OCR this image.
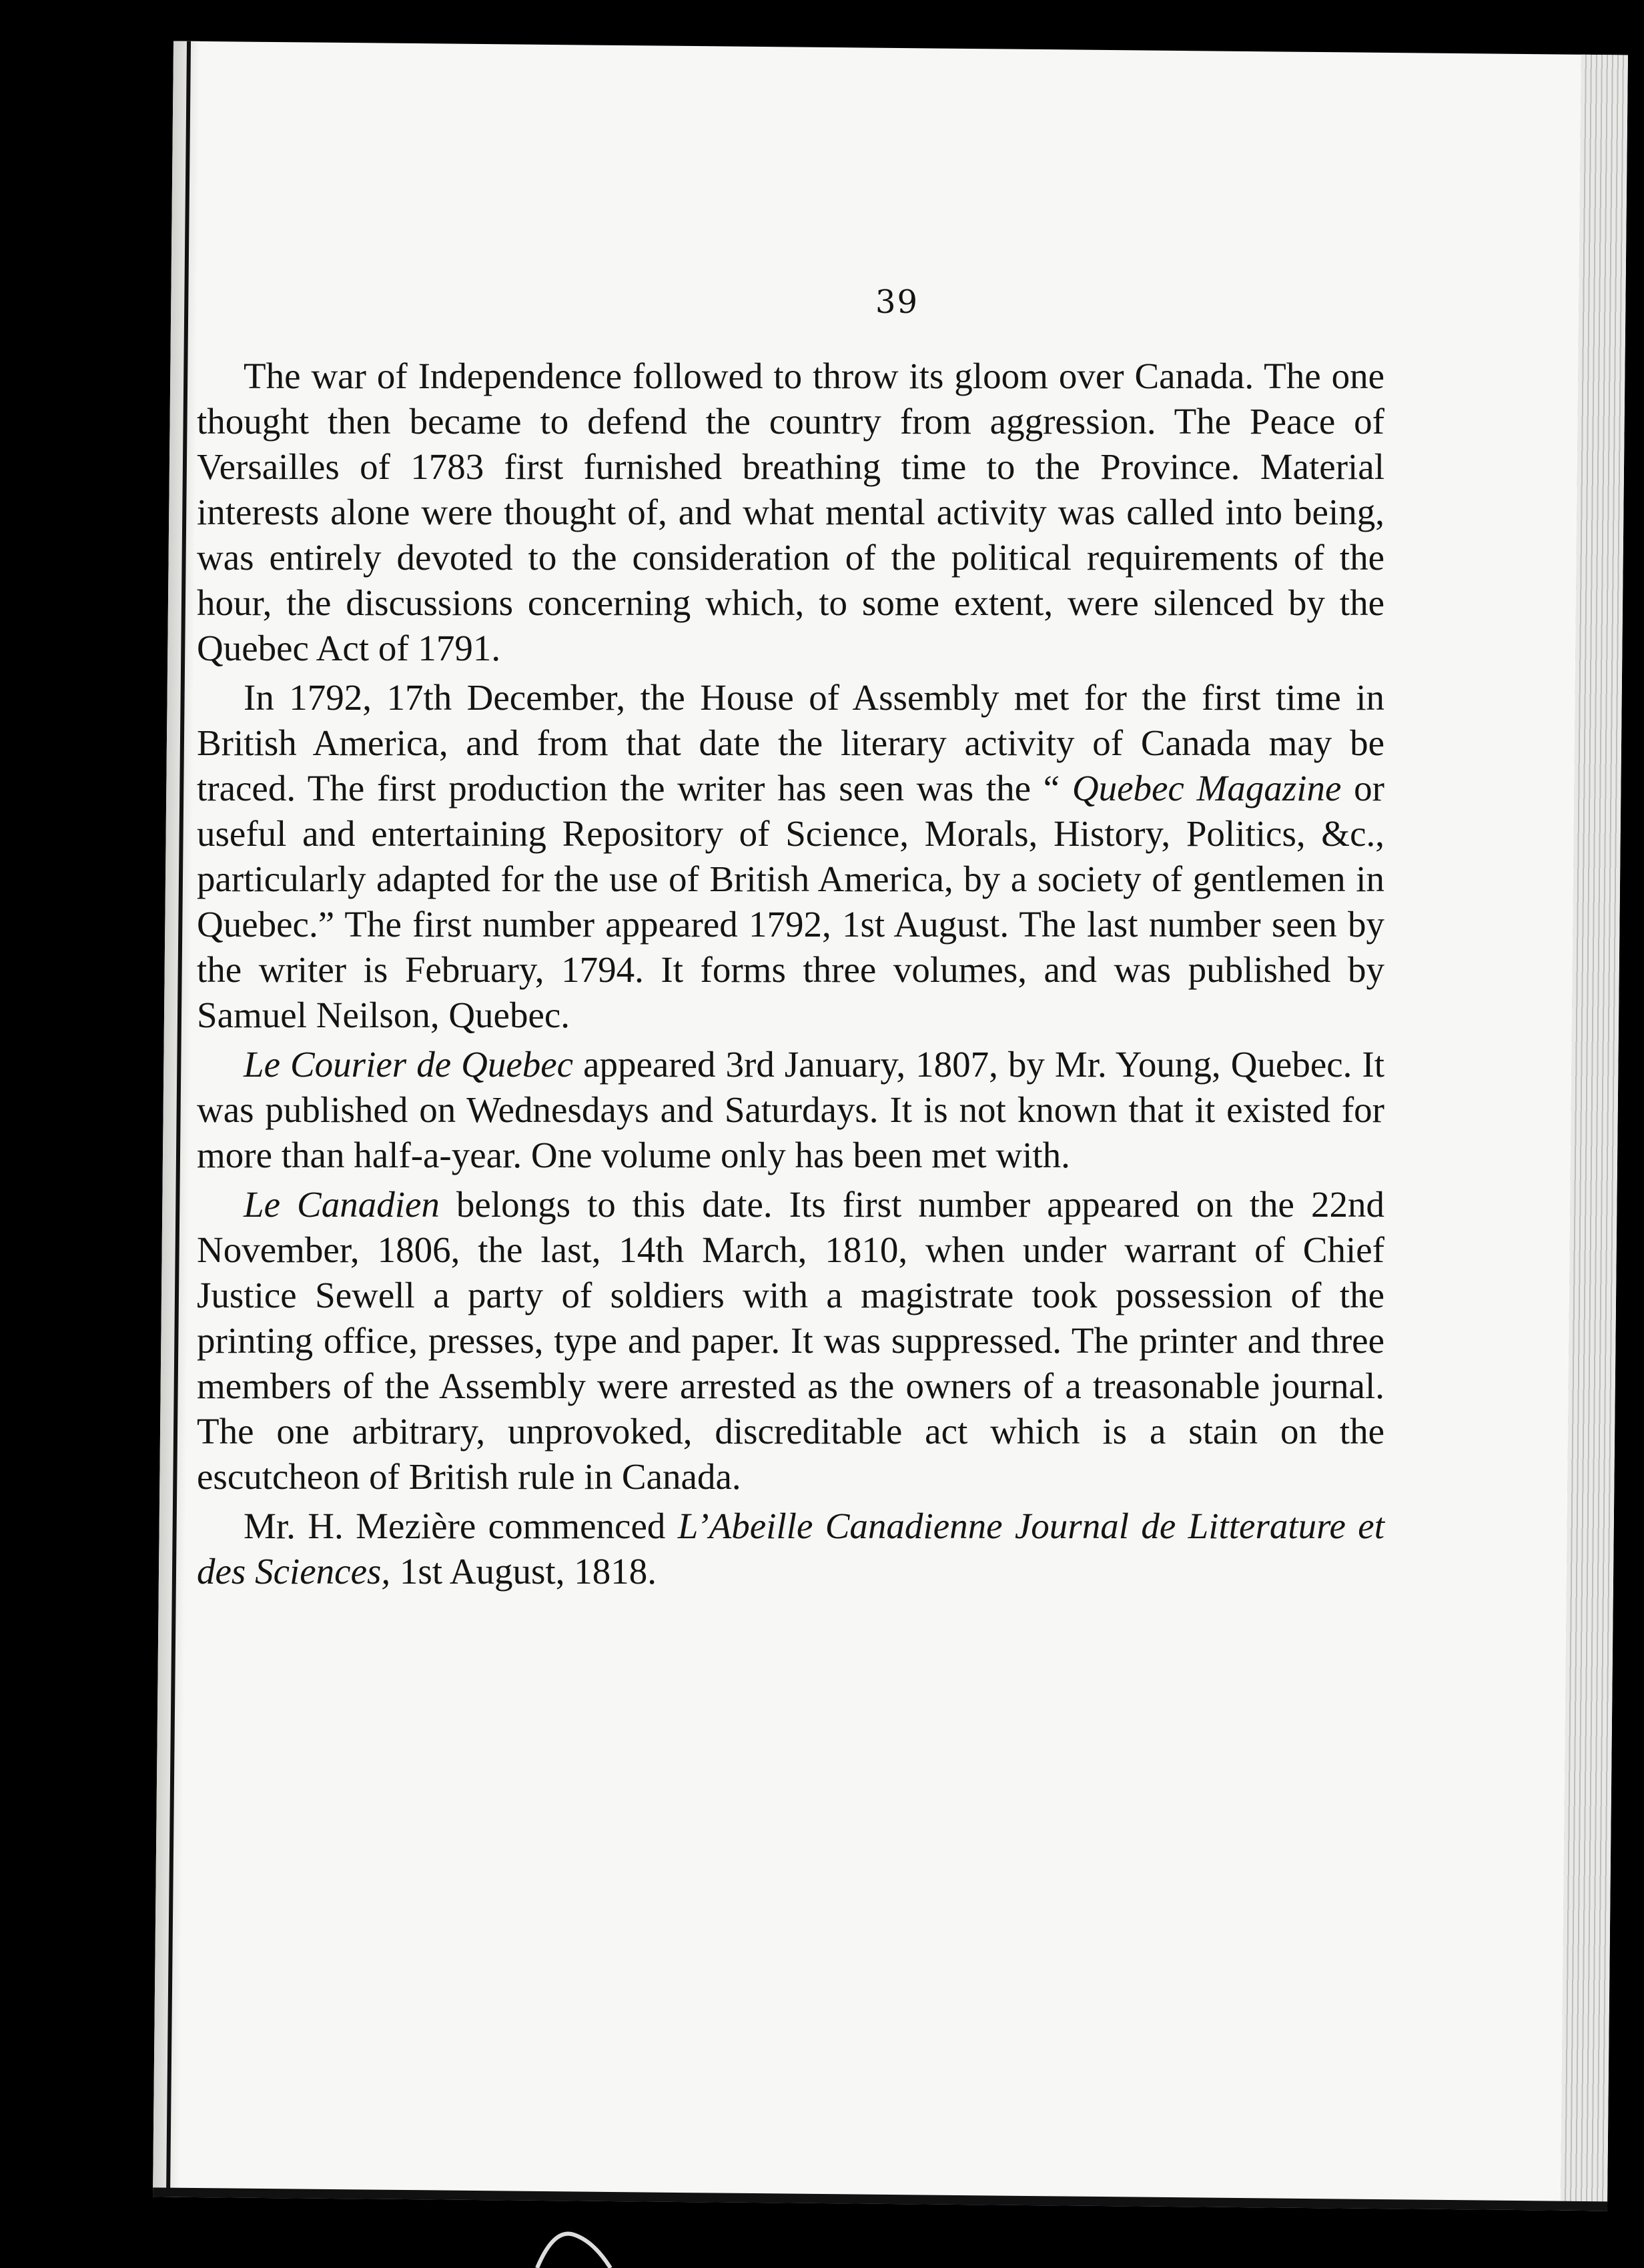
39

The war of Independence followed to throw its gloom over Canada. The one thought then became to defend the country from aggression. The Peace of Versailles of 1783 first furnished breathing time to the Province. Material interests alone were thought of, and what mental activity was called into being, was entirely devoted to the consideration of the political requirements of the hour, the discussions concerning which, to some extent, were silenced by the Quebec Act of 1791.

In 1792, 17th December, the House of Assembly met for the first time in British America, and from that date the literary activity of Canada may be traced. The first production the writer has seen was the “ Quebec Magazine or useful and entertaining Repository of Science, Morals, History, Politics, &c., particularly adapted for the use of British America, by a society of gentlemen in Quebec.” The first number appeared 1792, 1st August. The last number seen by the writer is February, 1794. It forms three volumes, and was published by Samuel Neilson, Quebec.

Le Courier de Quebec appeared 3rd January, 1807, by Mr. Young, Quebec. It was published on Wednesdays and Saturdays. It is not known that it existed for more than half-a-year. One volume only has been met with.

Le Canadien belongs to this date. Its first number appeared on the 22nd November, 1806, the last, 14th March, 1810, when under warrant of Chief Justice Sewell a party of soldiers with a magistrate took possession of the printing office, presses, type and paper. It was suppressed. The printer and three members of the Assembly were arrested as the owners of a treasonable journal. The one arbitrary, unprovoked, discreditable act which is a stain on the escutcheon of British rule in Canada.

Mr. H. Mezière commenced L’Abeille Canadienne Journal de Litterature et des Sciences, 1st August, 1818.
